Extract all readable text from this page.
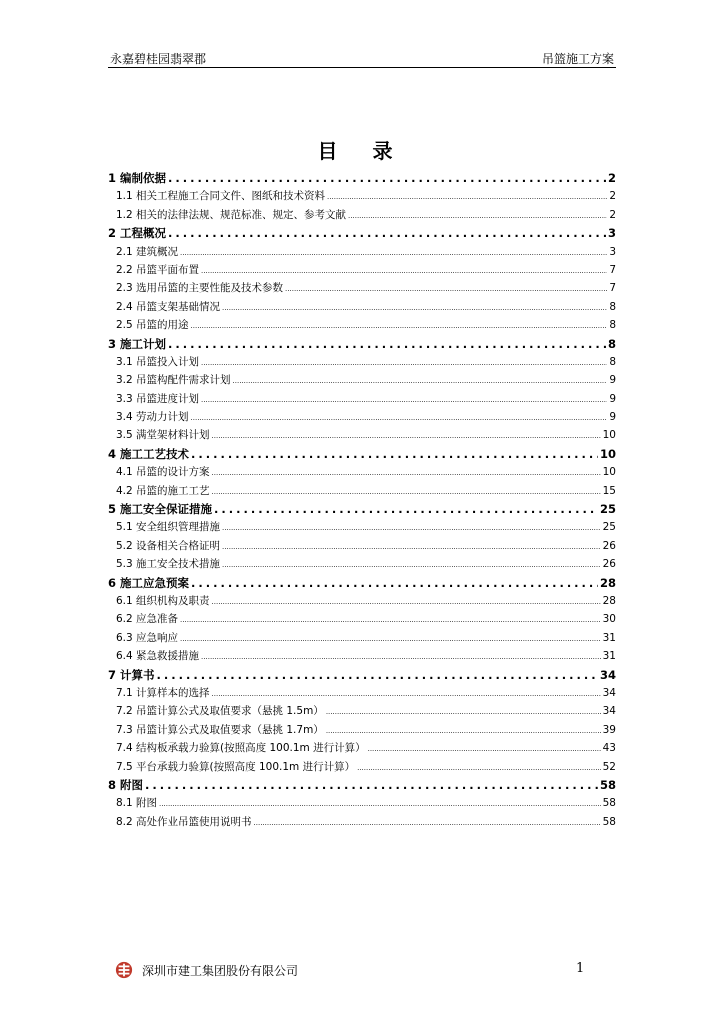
永嘉碧桂园翡翠郡	吊篮施工方案
目 录
1 编制依据 .....	2
1.1 相关工程施工合同文件、图纸和技术资料 .....	2
1.2 相关的法律法规、规范标准、规定、参考文献 .....	2
2 工程概况 .....	3
2.1 建筑概况 .....	3
2.2 吊篮平面布置 .....	7
2.3 选用吊篮的主要性能及技术参数 .....	7
2.4 吊篮支架基础情况 .....	8
2.5 吊篮的用途 .....	8
3 施工计划 .....	8
3.1 吊篮投入计划 .....	8
3.2 吊篮构配件需求计划 .....	9
3.3 吊篮进度计划 .....	9
3.4 劳动力计划 .....	9
3.5 满堂架材料计划 .....	10
4 施工工艺技术 .....	10
4.1 吊篮的设计方案 .....	10
4.2 吊篮的施工工艺 .....	15
5 施工安全保证措施 .....	25
5.1 安全组织管理措施 .....	25
5.2 设备相关合格证明 .....	26
5.3 施工安全技术措施 .....	26
6 施工应急预案 .....	28
6.1 组织机构及职责 .....	28
6.2 应急准备 .....	30
6.3 应急响应 .....	31
6.4 紧急救援措施 .....	31
7 计算书 .....	34
7.1 计算样本的选择 .....	34
7.2 吊篮计算公式及取值要求（悬挑 1.5m） .....	34
7.3 吊篮计算公式及取值要求（悬挑 1.7m） .....	39
7.4 结构板承载力验算(按照高度 100.1m 进行计算） .....	43
7.5 平台承载力验算(按照高度 100.1m 进行计算） .....	52
8 附图 .....	58
8.1 附图 .....	58
8.2 高处作业吊篮使用说明书 .....	58
深圳市建工集团股份有限公司	1
